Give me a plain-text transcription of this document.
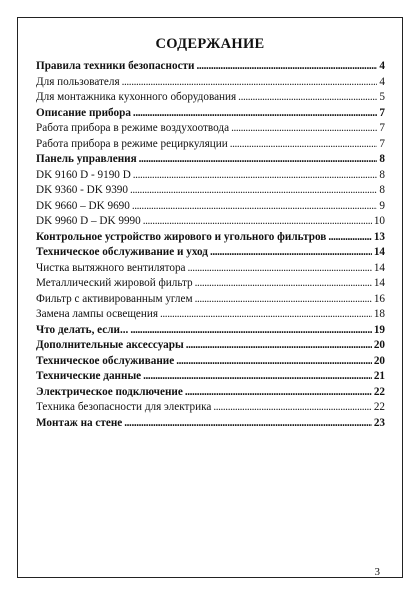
СОДЕРЖАНИЕ
Правила техники безопасности . . .	4
Для пользователя . . .	4
Для монтажника кухонного оборудования . . .	5
Описание прибора . . .	7
Работа прибора в режиме воздухоотвода . . .	7
Работа прибора в режиме рециркуляции . . .	7
Панель управления . . .	8
DK 9160 D - 9190 D . . .	8
DK 9360 - DK 9390 . . .	8
DK 9660 – DK 9690 . . .	9
DK 9960 D – DK 9990 . . .	10
Контрольное устройство жирового и угольного фильтров . . .	13
Техническое обслуживание и уход . . .	14
Чистка вытяжного вентилятора . . .	14
Металлический жировой фильтр . . .	14
Фильтр с активированным углем . . .	16
Замена лампы освещения . . .	18
Что делать, если... . . .	19
Дополнительные аксессуары . . .	20
Техническое обслуживание . . .	20
Технические данные . . .	21
Электрическое подключение . . .	22
Техника безопасности для электрика . . .	22
Монтаж на стене . . .	23
3
